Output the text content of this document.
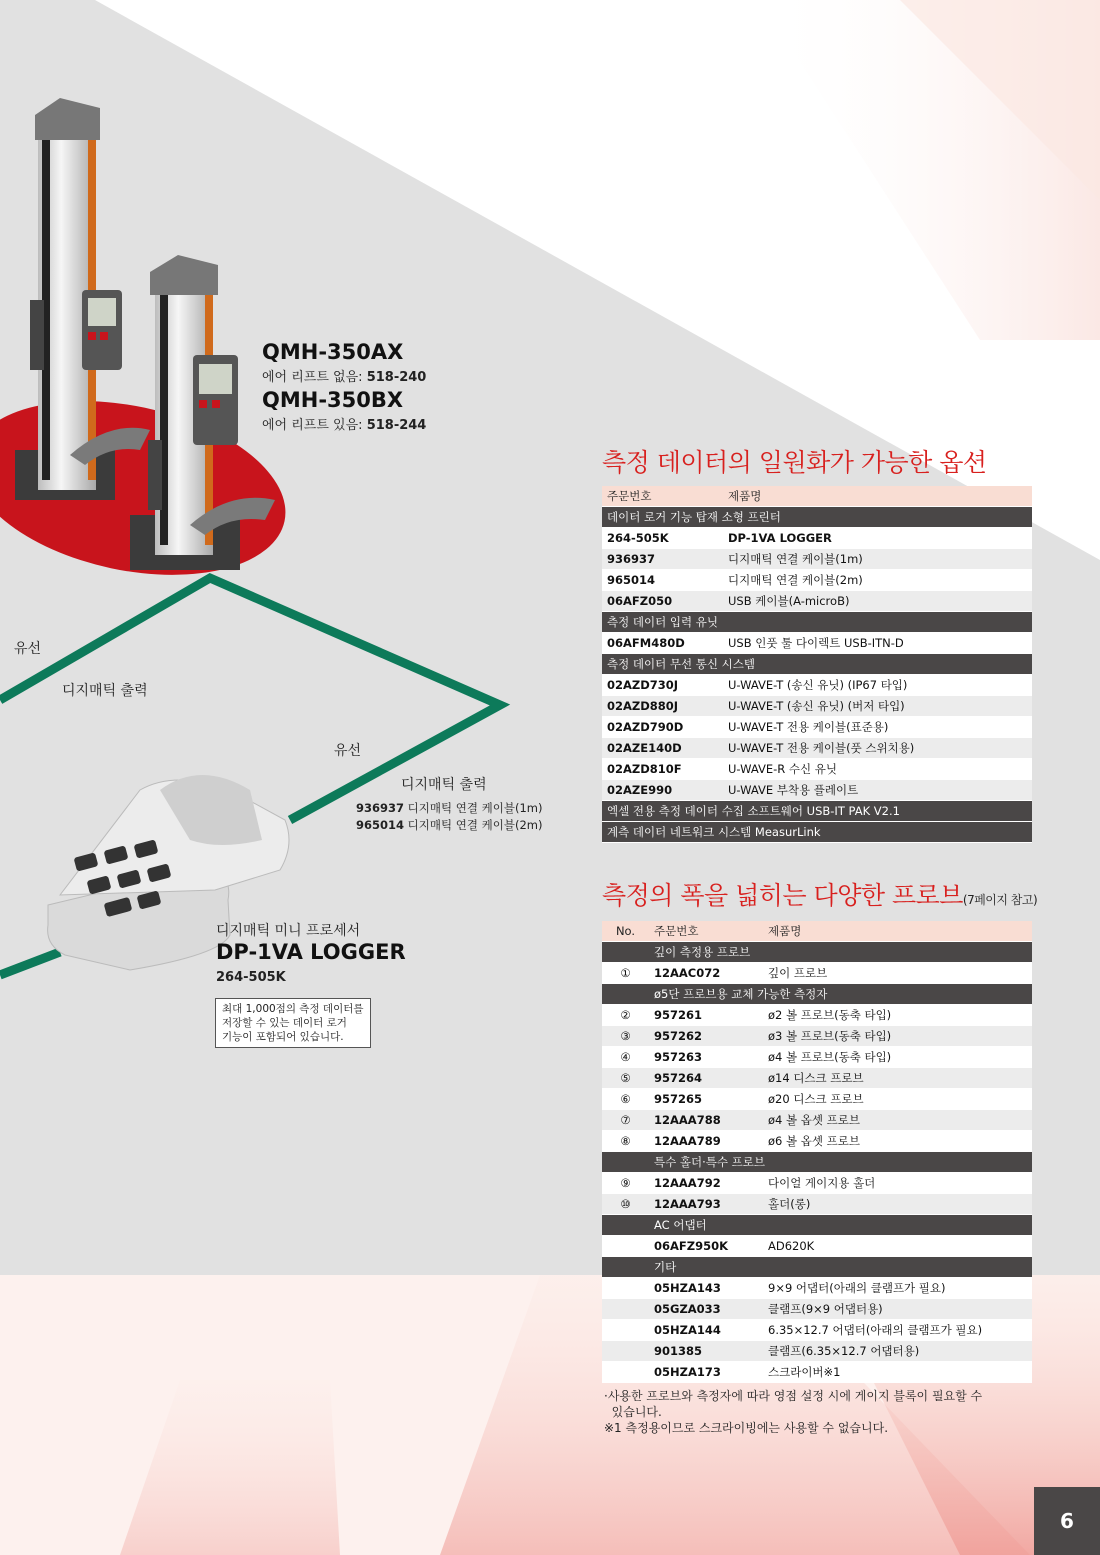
QMH-350AX
에어 리프트 없음: 518-240
QMH-350BX
에어 리프트 있음: 518-244
유선
디지매틱 출력
유선
디지매틱 출력
936937 디지매틱 연결 케이블(1m)
965014 디지매틱 연결 케이블(2m)
디지매틱 미니 프로세서
DP-1VA LOGGER
264-505K
최대 1,000점의 측정 데이터를
저장할 수 있는 데이터 로거
기능이 포함되어 있습니다.
측정 데이터의 일원화가 가능한 옵션
주문번호	제품명
데이터 로거 기능 탑재 소형 프린터	
264-505K	DP-1VA LOGGER
936937	디지매틱 연결 케이블(1m)
965014	디지매틱 연결 케이블(2m)
06AFZ050	USB 케이블(A-microB)
측정 데이터 입력 유닛	
06AFM480D	USB 인풋 툴 다이렉트 USB-ITN-D
측정 데이터 무선 통신 시스템	
02AZD730J	U-WAVE-T (송신 유닛) (IP67 타입)
02AZD880J	U-WAVE-T (송신 유닛) (버저 타입)
02AZD790D	U-WAVE-T 전용 케이블(표준용)
02AZE140D	U-WAVE-T 전용 케이블(풋 스위치용)
02AZD810F	U-WAVE-R 수신 유닛
02AZE990	U-WAVE 부착용 플레이트
엑셀 전용 측정 데이터 수집 소프트웨어 USB-IT PAK V2.1	
계측 데이터 네트워크 시스템 MeasurLink	
측정의 폭을 넓히는 다양한 프로브(7페이지 참고)
No.	주문번호	제품명
	깊이 측정용 프로브	
①	12AAC072	깊이 프로브
	ø5단 프로브용 교체 가능한 측정자	
②	957261	ø2 볼 프로브(동축 타입)
③	957262	ø3 볼 프로브(동축 타입)
④	957263	ø4 볼 프로브(동축 타입)
⑤	957264	ø14 디스크 프로브
⑥	957265	ø20 디스크 프로브
⑦	12AAA788	ø4 볼 옵셋 프로브
⑧	12AAA789	ø6 볼 옵셋 프로브
	특수 홀더·특수 프로브	
⑨	12AAA792	다이얼 게이지용 홀더
⑩	12AAA793	홀더(롱)
	AC 어댑터	
	06AFZ950K	AD620K
	기타	
	05HZA143	9×9 어댑터(아래의 클램프가 필요)
	05GZA033	클램프(9×9 어댑터용)
	05HZA144	6.35×12.7 어댑터(아래의 클램프가 필요)
	901385	클램프(6.35×12.7 어댑터용)
	05HZA173	스크라이버※1
·사용한 프로브와 측정자에 따라 영점 설정 시에 게이지 블록이 필요할 수
있습니다.
※1 측정용이므로 스크라이빙에는 사용할 수 없습니다.
6
